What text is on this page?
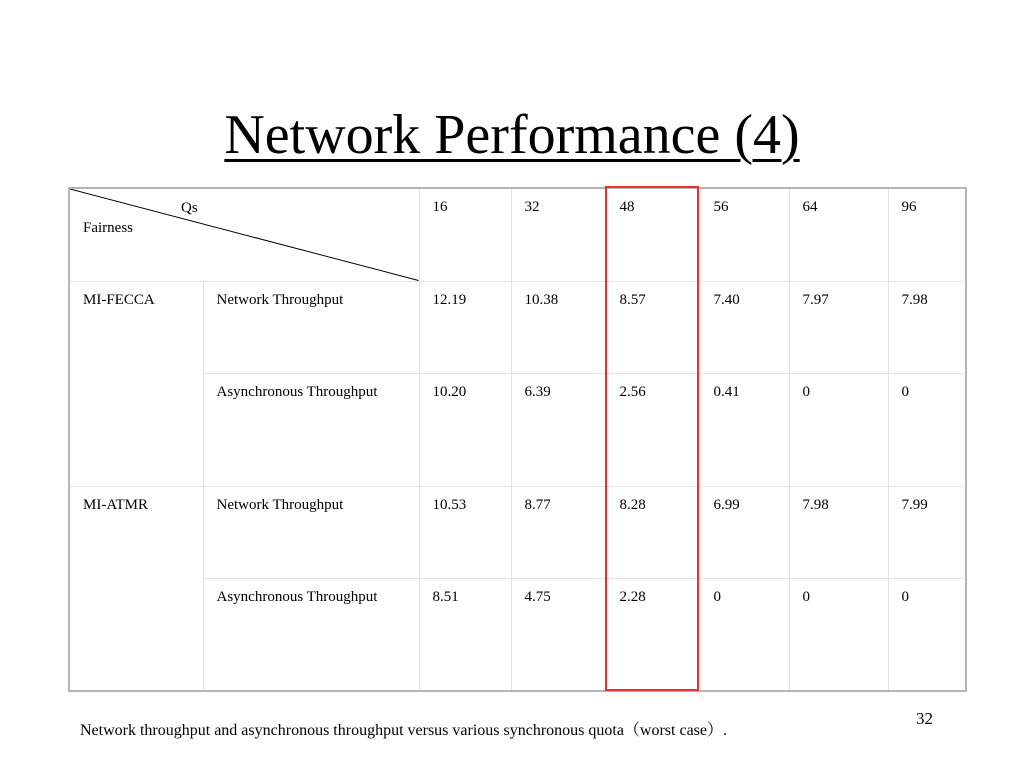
Network Performance (4)
Qs
Fairness		16	32	48	56	64	96
MI-FECCA	Network Throughput	12.19	10.38	8.57	7.40	7.97	7.98
	Asynchronous Throughput	10.20	6.39	2.56	0.41	0	0
MI-ATMR	Network Throughput	10.53	8.77	8.28	6.99	7.98	7.99
	Asynchronous Throughput	8.51	4.75	2.28	0	0	0
Network throughput and asynchronous throughput versus various synchronous quota（worst case）.
32
